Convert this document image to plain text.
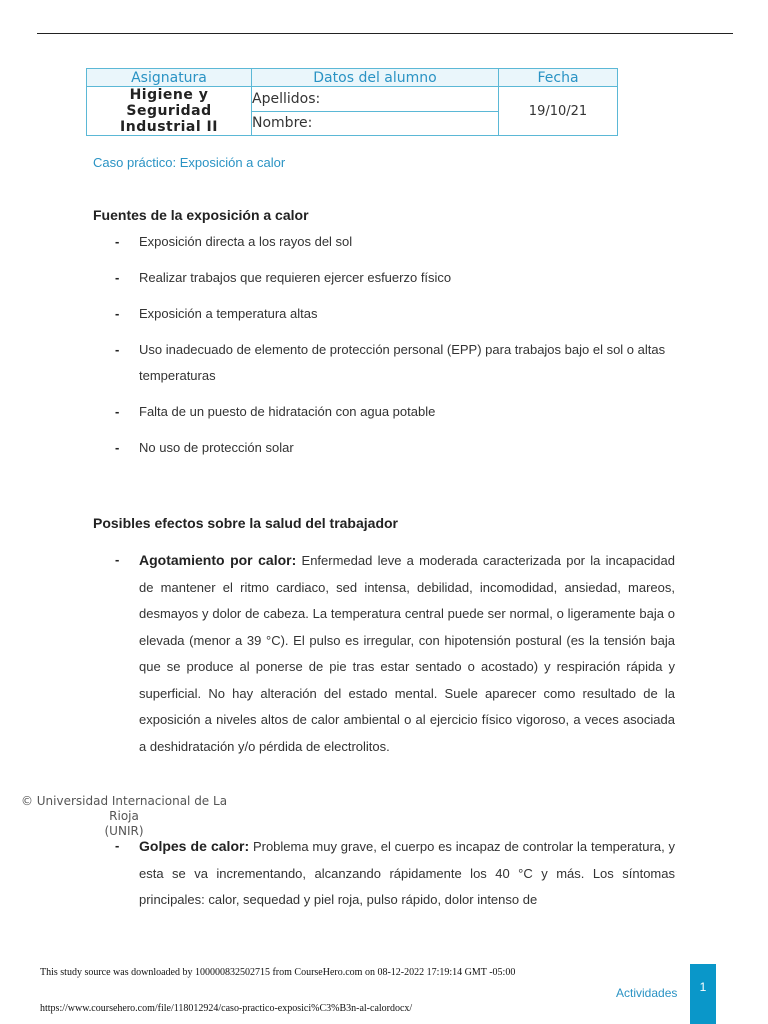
Asignatura	Datos del alumno	Fecha

Higiene y
Seguridad
Industrial II	Apellidos:	19/10/21
	Nombre:	
Caso práctico: Exposición a calor
Fuentes de la exposición a calor
- Exposición directa a los rayos del sol
- Realizar trabajos que requieren ejercer esfuerzo físico
- Exposición a temperatura altas
- Uso inadecuado de elemento de protección personal (EPP) para trabajos bajo el sol o altas temperaturas
- Falta de un puesto de hidratación con agua potable
- No uso de protección solar
Posibles efectos sobre la salud del trabajador
- Agotamiento por calor: Enfermedad leve a moderada caracterizada por la incapacidad de mantener el ritmo cardiaco, sed intensa, debilidad, incomodidad, ansiedad, mareos, desmayos y dolor de cabeza. La temperatura central puede ser normal, o ligeramente baja o elevada (menor a 39 °C). El pulso es irregular, con hipotensión postural (es la tensión baja que se produce al ponerse de pie tras estar sentado o acostado) y respiración rápida y superficial. No hay alteración del estado mental. Suele aparecer como resultado de la exposición a niveles altos de calor ambiental o al ejercicio físico vigoroso, a veces asociada a deshidratación y/o pérdida de electrolitos.
© Universidad Internacional de La Rioja
(UNIR)
- Golpes de calor: Problema muy grave, el cuerpo es incapaz de controlar la temperatura, y esta se va incrementando, alcanzando rápidamente los 40 °C y más. Los síntomas principales: calor, sequedad y piel roja, pulso rápido, dolor intenso de
This study source was downloaded by 100000832502715 from CourseHero.com on 08-12-2022 17:19:14 GMT -05:00
https://www.coursehero.com/file/118012924/caso-practico-exposici%C3%B3n-al-calordocx/
Actividades	1
